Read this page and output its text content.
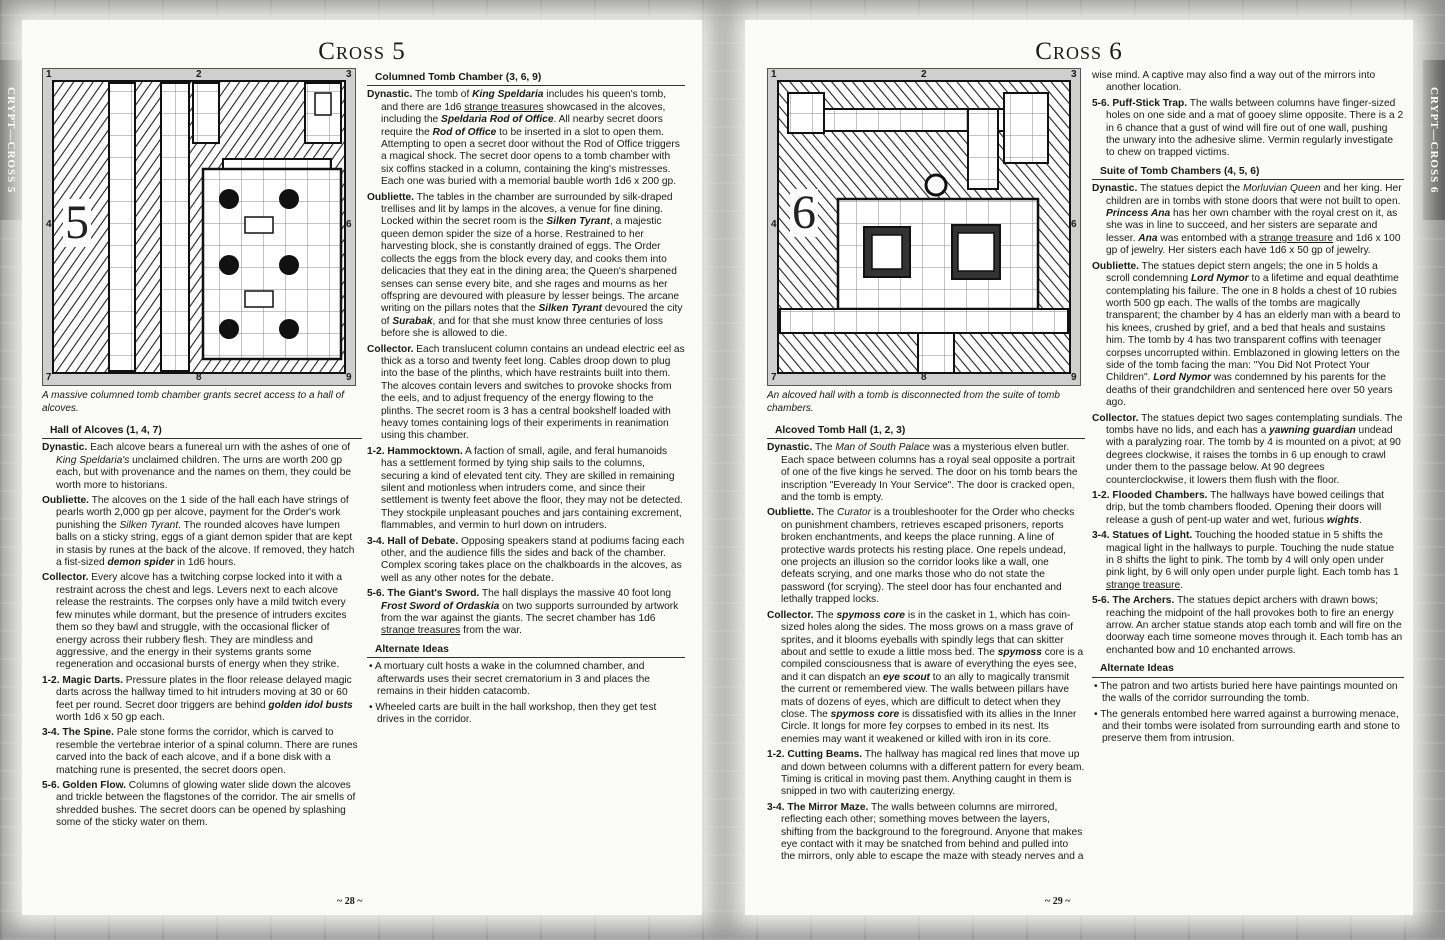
CRYPT—CROSS 5	CRYPT—CROSS 6
Cross 5
1	2	3
4	6
7	8	9
5
A massive columned tomb chamber grants secret access to a hall of alcoves.
Hall of Alcoves (1, 4, 7)

Dynastic. Each alcove bears a funereal urn with the ashes of one of King Speldaria's unclaimed children. The urns are worth 200 gp each, but with provenance and the names on them, they could be worth more to historians.

Oubliette. The alcoves on the 1 side of the hall each have strings of pearls worth 2,000 gp per alcove, payment for the Order's work punishing the Silken Tyrant. The rounded alcoves have lumpen balls on a sticky string, eggs of a giant demon spider that are kept in stasis by runes at the back of the alcove. If removed, they hatch a fist-sized demon spider in 1d6 hours.

Collector. Every alcove has a twitching corpse locked into it with a restraint across the chest and legs. Levers next to each alcove release the restraints. The corpses only have a mild twitch every few minutes while dormant, but the presence of intruders excites them so they bawl and struggle, with the occasional flicker of energy across their rubbery flesh. They are mindless and aggressive, and the energy in their systems grants some regeneration and occasional bursts of energy when they strike.

1-2. Magic Darts. Pressure plates in the floor release delayed magic darts across the hallway timed to hit intruders moving at 30 or 60 feet per round. Secret door triggers are behind golden idol busts worth 1d6 x 50 gp each.

3-4. The Spine. Pale stone forms the corridor, which is carved to resemble the vertebrae interior of a spinal column. There are runes carved into the back of each alcove, and if a bone disk with a matching rune is presented, the secret doors open.

5-6. Golden Flow. Columns of glowing water slide down the alcoves and trickle between the flagstones of the corridor. The air smells of shredded bushes. The secret doors can be opened by splashing some of the sticky water on them.

Columned Tomb Chamber (3, 6, 9)

Dynastic. The tomb of King Speldaria includes his queen's tomb, and there are 1d6 strange treasures showcased in the alcoves, including the Speldaria Rod of Office. All nearby secret doors require the Rod of Office to be inserted in a slot to open them. Attempting to open a secret door without the Rod of Office triggers a magical shock. The secret door opens to a tomb chamber with six coffins stacked in a column, containing the king's mistresses. Each one was buried with a memorial bauble worth 1d6 x 200 gp.

Oubliette. The tables in the chamber are surrounded by silk-draped trellises and lit by lamps in the alcoves, a venue for fine dining. Locked within the secret room is the Silken Tyrant, a majestic queen demon spider the size of a horse. Restrained to her harvesting block, she is constantly drained of eggs. The Order collects the eggs from the block every day, and cooks them into delicacies that they eat in the dining area; the Queen's sharpened senses can sense every bite, and she rages and mourns as her offspring are devoured with pleasure by lesser beings. The arcane writing on the pillars notes that the Silken Tyrant devoured the city of Surabak, and for that she must know three centuries of loss before she is allowed to die.

Collector. Each translucent column contains an undead electric eel as thick as a torso and twenty feet long. Cables droop down to plug into the base of the plinths, which have restraints built into them. The alcoves contain levers and switches to provoke shocks from the eels, and to adjust frequency of the energy flowing to the plinths. The secret room is 3 has a central bookshelf loaded with heavy tomes containing logs of their experiments in reanimation using this chamber.

1-2. Hammocktown. A faction of small, agile, and feral humanoids has a settlement formed by tying ship sails to the columns, securing a kind of elevated tent city. They are skilled in remaining silent and motionless when intruders come, and since their settlement is twenty feet above the floor, they may not be detected. They stockpile unpleasant pouches and jars containing excrement, flammables, and vermin to hurl down on intruders.

3-4. Hall of Debate. Opposing speakers stand at podiums facing each other, and the audience fills the sides and back of the chamber. Complex scoring takes place on the chalkboards in the alcoves, as well as any other notes for the debate.

5-6. The Giant's Sword. The hall displays the massive 40 foot long Frost Sword of Ordaskia on two supports surrounded by artwork from the war against the giants. The secret chamber has 1d6 strange treasures from the war.

Alternate Ideas
• A mortuary cult hosts a wake in the columned chamber, and afterwards uses their secret crematorium in 3 and places the remains in their hidden catacomb.
• Wheeled carts are built in the hall workshop, then they get test drives in the corridor.
~ 28 ~
Cross 6
1	2	3
4	6
7	8	9
6
An alcoved hall with a tomb is disconnected from the suite of tomb chambers.
Alcoved Tomb Hall (1, 2, 3)

Dynastic. The Man of South Palace was a mysterious elven butler. Each space between columns has a royal seal opposite a portrait of one of the five kings he served. The door on his tomb bears the inscription "Eveready In Your Service". The door is cracked open, and the tomb is empty.

Oubliette. The Curator is a troubleshooter for the Order who checks on punishment chambers, retrieves escaped prisoners, reports broken enchantments, and keeps the place running. A line of protective wards protects his resting place. One repels undead, one projects an illusion so the corridor looks like a wall, one defeats scrying, and one marks those who do not state the password (for scrying). The steel door has four enchanted and lethally trapped locks.

Collector. The spymoss core is in the casket in 1, which has coin-sized holes along the sides. The moss grows on a mass grave of sprites, and it blooms eyeballs with spindly legs that can skitter about and settle to exude a little moss bed. The spymoss core is a compiled consciousness that is aware of everything the eyes see, and it can dispatch an eye scout to an ally to magically transmit the current or remembered view. The walls between pillars have mats of dozens of eyes, which are difficult to detect when they close. The spymoss core is dissatisfied with its allies in the Inner Circle. It longs for more fey corpses to embed in its nest. Its enemies may want it weakened or killed with iron in its core.

1-2. Cutting Beams. The hallway has magical red lines that move up and down between columns with a different pattern for every beam. Timing is critical in moving past them. Anything caught in them is snipped in two with cauterizing energy.

3-4. The Mirror Maze. The walls between columns are mirrored, reflecting each other; something moves between the layers, shifting from the background to the foreground. Anyone that makes eye contact with it may be snatched from behind and pulled into the mirrors, only able to escape the maze with steady nerves and a

wise mind. A captive may also find a way out of the mirrors into another location.

5-6. Puff-Stick Trap. The walls between columns have finger-sized holes on one side and a mat of gooey slime opposite. There is a 2 in 6 chance that a gust of wind will fire out of one wall, pushing the unwary into the adhesive slime. Vermin regularly investigate to chew on trapped victims.

Suite of Tomb Chambers (4, 5, 6)

Dynastic. The statues depict the Morluvian Queen and her king. Her children are in tombs with stone doors that were not built to open. Princess Ana has her own chamber with the royal crest on it, as she was in line to succeed, and her sisters are separate and lesser. Ana was entombed with a strange treasure and 1d6 x 100 gp of jewelry. Her sisters each have 1d6 x 50 gp of jewelry.

Oubliette. The statues depict stern angels; the one in 5 holds a scroll condemning Lord Nymor to a lifetime and equal deathtime contemplating his failure. The one in 8 holds a chest of 10 rubies worth 500 gp each. The walls of the tombs are magically transparent; the chamber by 4 has an elderly man with a beard to his knees, crushed by grief, and a bed that heals and sustains him. The tomb by 4 has two transparent coffins with teenager corpses uncorrupted within. Emblazoned in glowing letters on the side of the tomb facing the man: "You Did Not Protect Your Children". Lord Nymor was condemned by his parents for the deaths of their grandchildren and sentenced here over 50 years ago.

Collector. The statues depict two sages contemplating sundials. The tombs have no lids, and each has a yawning guardian undead with a paralyzing roar. The tomb by 4 is mounted on a pivot; at 90 degrees clockwise, it raises the tombs in 6 up enough to crawl under them to the passage below. At 90 degrees counterclockwise, it lowers them flush with the floor.

1-2. Flooded Chambers. The hallways have bowed ceilings that drip, but the tomb chambers flooded. Opening their doors will release a gush of pent-up water and wet, furious wights.

3-4. Statues of Light. Touching the hooded statue in 5 shifts the magical light in the hallways to purple. Touching the nude statue in 8 shifts the light to pink. The tomb by 4 will only open under pink light, by 6 will only open under purple light. Each tomb has 1 strange treasure.

5-6. The Archers. The statues depict archers with drawn bows; reaching the midpoint of the hall provokes both to fire an energy arrow. An archer statue stands atop each tomb and will fire on the doorway each time someone moves through it. Each tomb has an enchanted bow and 10 enchanted arrows.

Alternate Ideas
• The patron and two artists buried here have paintings mounted on the walls of the corridor surrounding the tomb.
• The generals entombed here warred against a burrowing menace, and their tombs were isolated from surrounding earth and stone to preserve them from intrusion.
~ 29 ~
